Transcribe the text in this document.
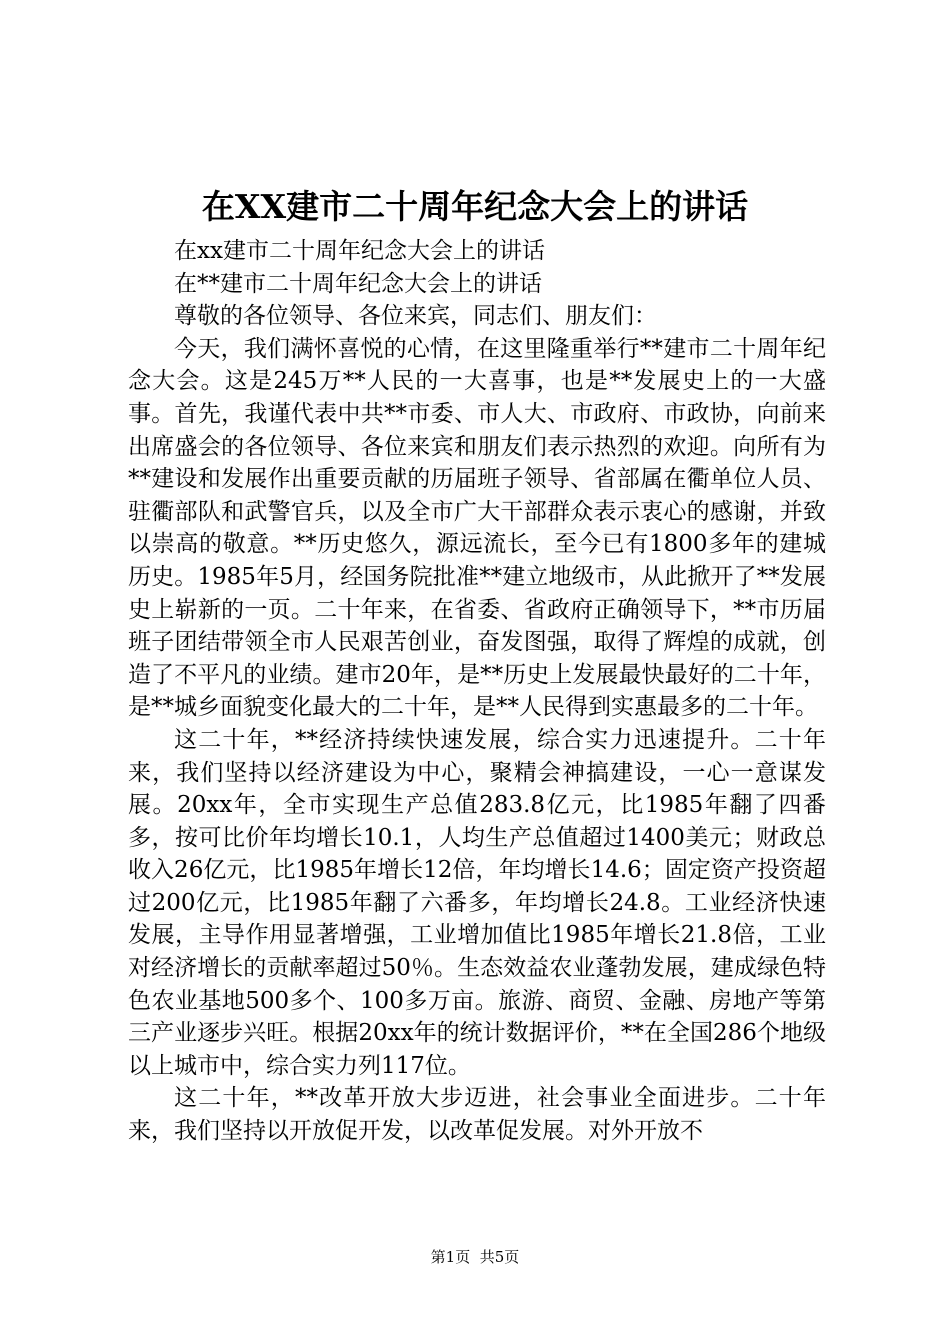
在XX建市二十周年纪念大会上的讲话

在xx建市二十周年纪念大会上的讲话

在**建市二十周年纪念大会上的讲话

尊敬的各位领导、各位来宾，同志们、朋友们：

今天，我们满怀喜悦的心情，在这里隆重举行**建市二十周年纪念大会。这是245万**人民的一大喜事，也是**发展史上的一大盛事。首先，我谨代表中共**市委、市人大、市政府、市政协，向前来出席盛会的各位领导、各位来宾和朋友们表示热烈的欢迎。向所有为**建设和发展作出重要贡献的历届班子领导、省部属在衢单位人员、驻衢部队和武警官兵，以及全市广大干部群众表示衷心的感谢，并致以崇高的敬意。**历史悠久，源远流长，至今已有1800多年的建城历史。1985年5月，经国务院批准**建立地级市，从此掀开了**发展史上崭新的一页。二十年来，在省委、省政府正确领导下，**市历届班子团结带领全市人民艰苦创业，奋发图强，取得了辉煌的成就，创造了不平凡的业绩。建市20年，是**历史上发展最快最好的二十年，是**城乡面貌变化最大的二十年，是**人民得到实惠最多的二十年。

这二十年，**经济持续快速发展，综合实力迅速提升。二十年来，我们坚持以经济建设为中心，聚精会神搞建设，一心一意谋发展。20xx年，全市实现生产总值283.8亿元，比1985年翻了四番多，按可比价年均增长10.1，人均生产总值超过1400美元；财政总收入26亿元，比1985年增长12倍，年均增长14.6；固定资产投资超过200亿元，比1985年翻了六番多，年均增长24.8。工业经济快速发展，主导作用显著增强，工业增加值比1985年增长21.8倍，工业对经济增长的贡献率超过50％。生态效益农业蓬勃发展，建成绿色特色农业基地500多个、100多万亩。旅游、商贸、金融、房地产等第三产业逐步兴旺。根据20xx年的统计数据评价，**在全国286个地级以上城市中，综合实力列117位。

这二十年，**改革开放大步迈进，社会事业全面进步。二十年来，我们坚持以开放促开发，以改革促发展。对外开放不

第1页 共5页
